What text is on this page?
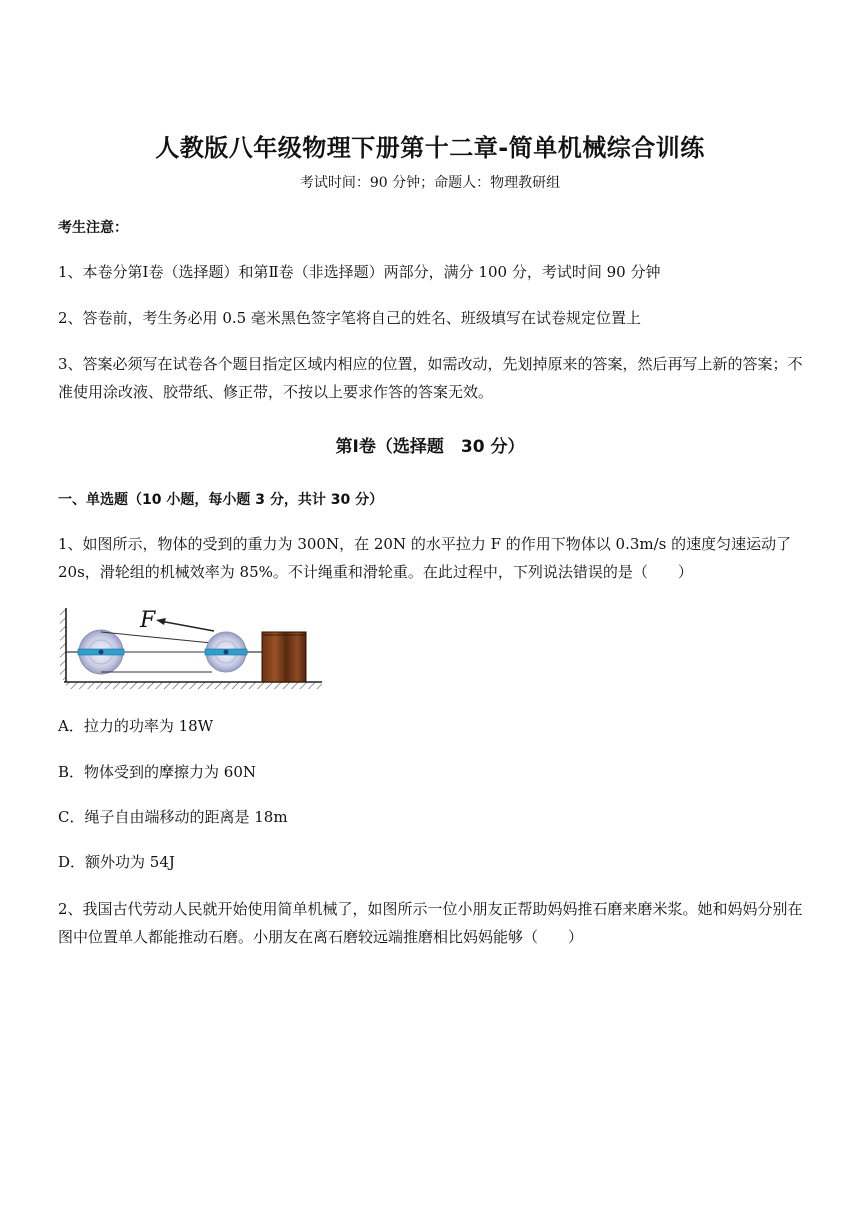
人教版八年级物理下册第十二章-简单机械综合训练
考试时间：90 分钟；命题人：物理教研组
考生注意：

1、本卷分第Ⅰ卷（选择题）和第Ⅱ卷（非选择题）两部分，满分 100 分，考试时间 90 分钟

2、答卷前，考生务必用 0.5 毫米黑色签字笔将自己的姓名、班级填写在试卷规定位置上

3、答案必须写在试卷各个题目指定区域内相应的位置，如需改动，先划掉原来的答案，然后再写上新的答案；不准使用涂改液、胶带纸、修正带，不按以上要求作答的答案无效。

第Ⅰ卷（选择题　30 分）
一、单选题（10 小题，每小题 3 分，共计 30 分）

1、如图所示，物体的受到的重力为 300N，在 20N 的水平拉力 F 的作用下物体以 0.3m/s 的速度匀速运动了 20s，滑轮组的机械效率为 85%。不计绳重和滑轮重。在此过程中，下列说法错误的是（　　）

F
A．拉力的功率为 18W
B．物体受到的摩擦力为 60N
C．绳子自由端移动的距离是 18m
D．额外功为 54J

2、我国古代劳动人民就开始使用简单机械了，如图所示一位小朋友正帮助妈妈推石磨来磨米浆。她和妈妈分别在图中位置单人都能推动石磨。小朋友在离石磨较远端推磨相比妈妈能够（　　）
